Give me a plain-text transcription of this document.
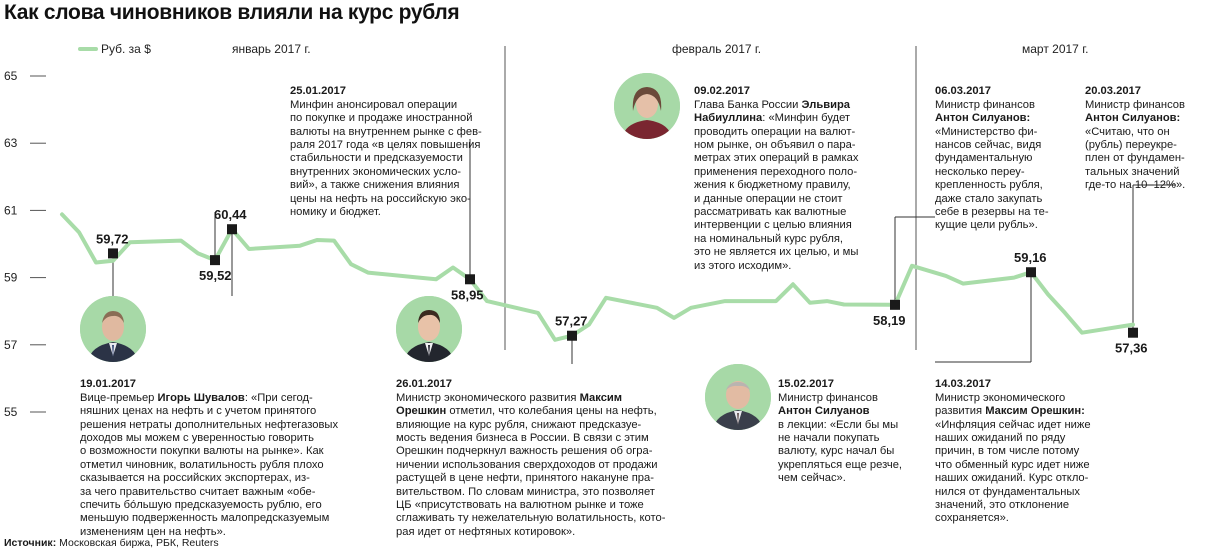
Как слова чиновников влияли на курс рубля
65
63
61
59
57
55
Руб. за $	январь 2017 г.	февраль 2017 г.	март 2017 г.
59,72
59,52
60,44
58,95
57,27	58,19
59,16
57,36

19.01.2017
Вице-премьер Игорь Шувалов: «При сегод-
няшних ценах на нефть и с учетом принятого
решения нетраты дополнительных нефтегазовых
доходов мы можем с уверенностью говорить
о возможности покупки валюты на рынке». Как
отметил чиновник, волатильность рубля плохо
сказывается на российских экспортерах, из-
за чего правительство считает важным «обе-
спечить бóльшую предсказуемость рублю, его
меньшую подверженность малопредсказуемым
изменениям цен на нефть».

25.01.2017
Минфин анонсировал операции
по покупке и продаже иностранной
валюты на внутреннем рынке с фев-
раля 2017 года «в целях повышения
стабильности и предсказуемости
внутренних экономических усло-
вий», а также снижения влияния
цены на нефть на российскую эко-
номику и бюджет.

26.01.2017
Министр экономического развития Максим
Орешкин отметил, что колебания цены на нефть,
влияющие на курс рубля, снижают предсказуе-
мость ведения бизнеса в России. В связи с этим
Орешкин подчеркнул важность решения об огра-
ничении использования сверхдоходов от продажи
растущей в цене нефти, принятого накануне пра-
вительством. По словам министра, это позволяет
ЦБ «присутствовать на валютном рынке и тоже
сглаживать ту нежелательную волатильность, кото-
рая идет от нефтяных котировок».

09.02.2017
Глава Банка России Эльвира
Набиуллина: «Минфин будет
проводить операции на валют-
ном рынке, он объявил о пара-
метрах этих операций в рамках
применения переходного поло-
жения к бюджетному правилу,
и данные операции не стоит
рассматривать как валютные
интервенции с целью влияния
на номинальный курс рубля,
это не является их целью, и мы
из этого исходим».

15.02.2017
Министр финансов
Антон Силуанов
в лекции: «Если бы мы
не начали покупать
валюту, курс начал бы
укрепляться еще резче,
чем сейчас».

06.03.2017
Министр финансов
Антон Силуанов:
«Министерство фи-
нансов сейчас, видя
фундаментальную
несколько переу-
крепленность рубля,
даже стало закупать
себе в резервы на те-
кущие цели рубль».

14.03.2017
Министр экономического
развития Максим Орешкин:
«Инфляция сейчас идет ниже
наших ожиданий по ряду
причин, в том числе потому
что обменный курс идет ниже
наших ожиданий. Курс отклo-
нился от фундаментальных
значений, это отклонение
сохраняется».

20.03.2017
Министр финансов
Антон Силуанов:
«Считаю, что он
(рубль) переукре-
плен от фундамен-
тальных значений
где-то на 10–12%».

Источник: Московская биржа, РБК, Reuters
